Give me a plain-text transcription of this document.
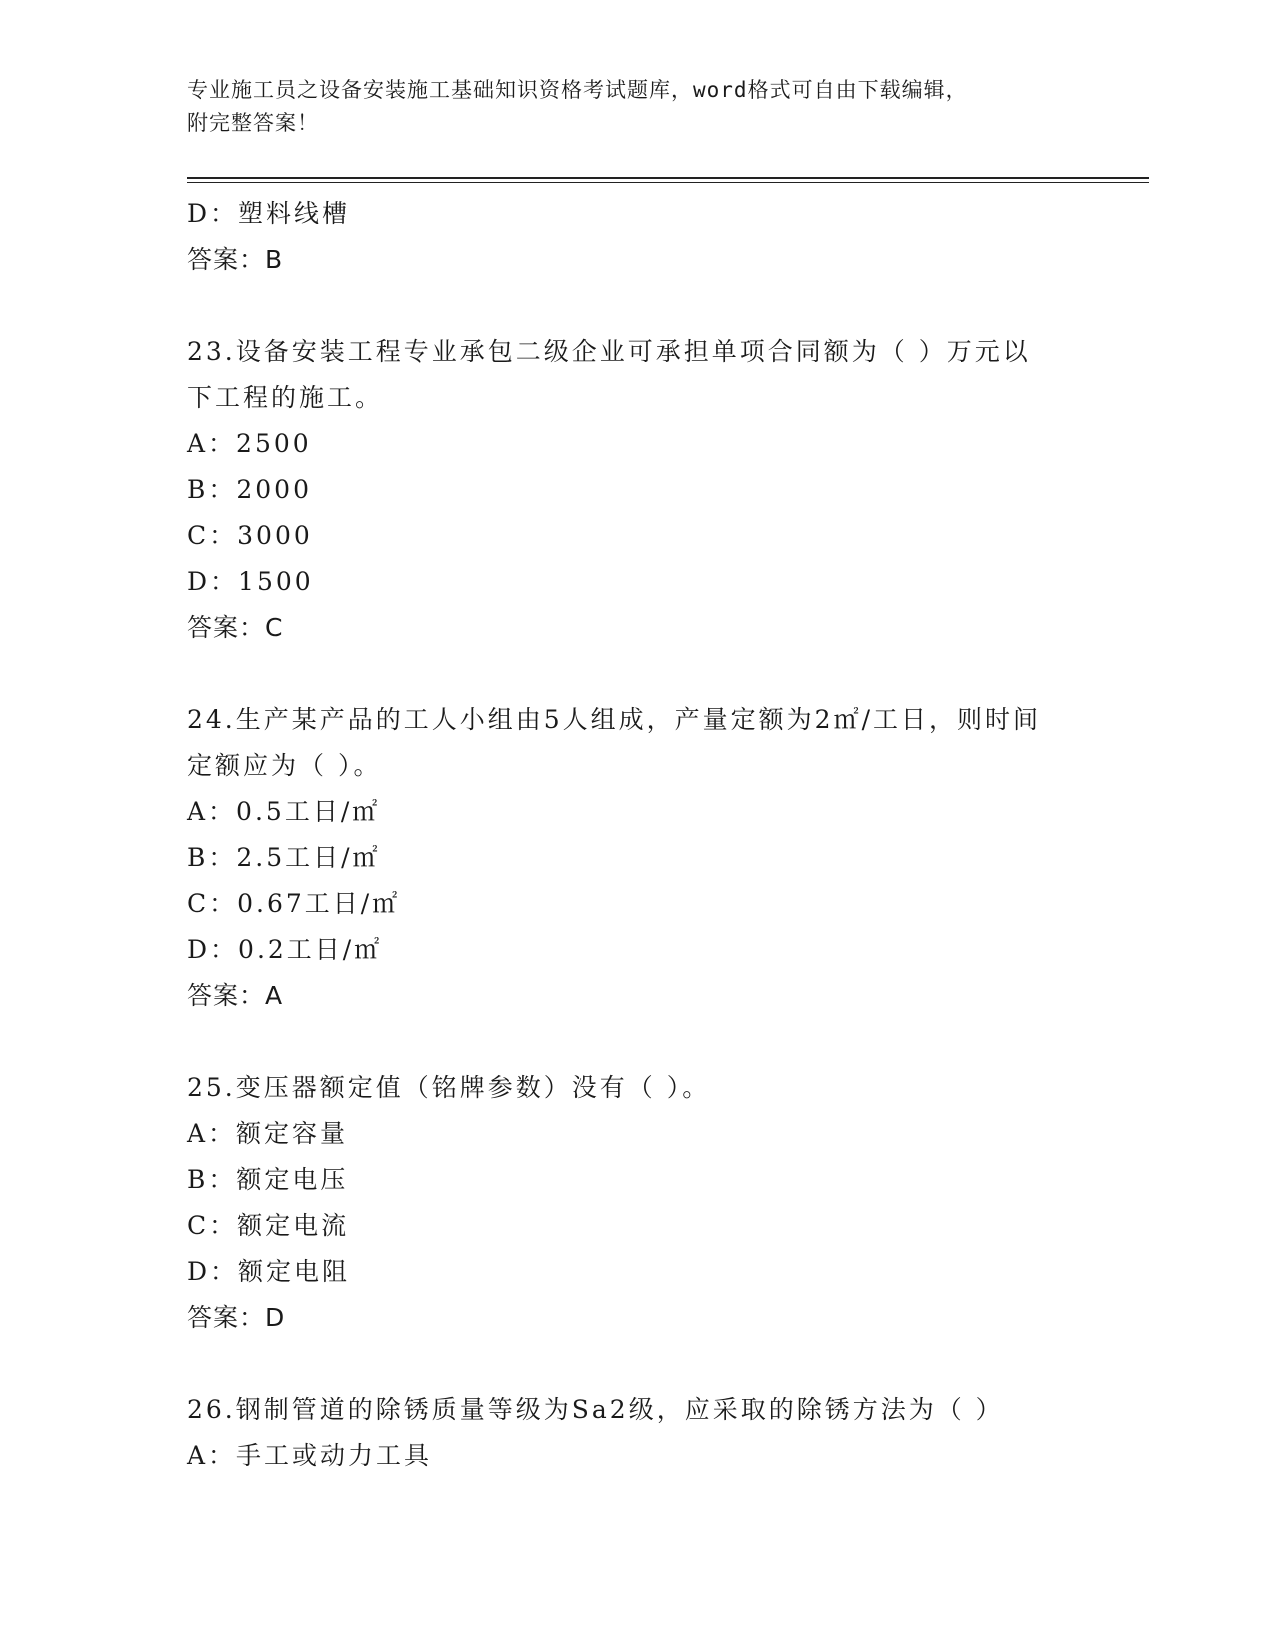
专业施工员之设备安装施工基础知识资格考试题库，word格式可自由下载编辑，
附完整答案！
D：塑料线槽
答案：B
23.设备安装工程专业承包二级企业可承担单项合同额为（ ）万元以
下工程的施工。
A：2500
B：2000
C：3000
D：1500
答案：C
24.生产某产品的工人小组由5人组成，产量定额为2㎡/工日，则时间
定额应为（ ）。
A：0.5工日/㎡
B：2.5工日/㎡
C：0.67工日/㎡
D：0.2工日/㎡
答案：A
25.变压器额定值（铭牌参数）没有（ ）。
A：额定容量
B：额定电压
C：额定电流
D：额定电阻
答案：D
26.钢制管道的除锈质量等级为Sa2级，应采取的除锈方法为（ ）
A：手工或动力工具
